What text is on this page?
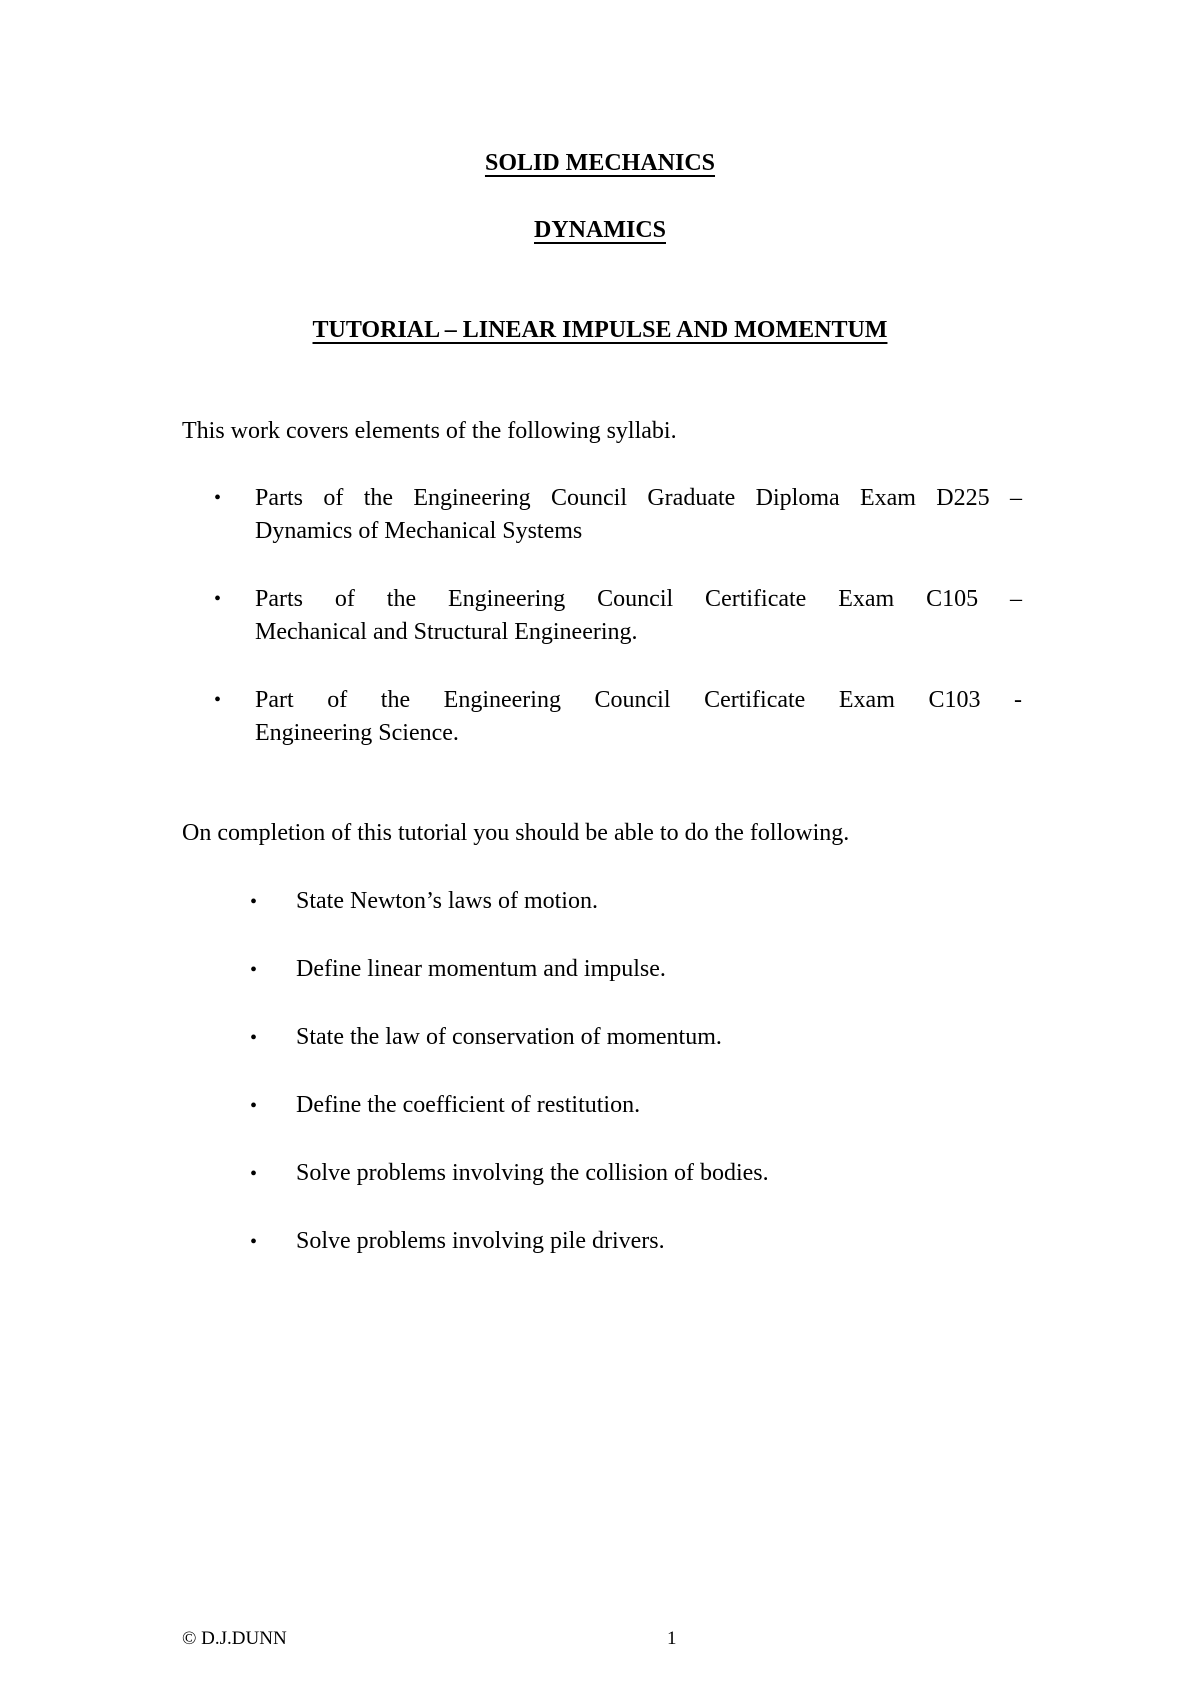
SOLID MECHANICS
DYNAMICS
TUTORIAL – LINEAR IMPULSE AND MOMENTUM
This work covers elements of the following syllabi.
• Parts of the Engineering Council Graduate Diploma Exam D225 –
Dynamics of Mechanical Systems
• Parts of the Engineering Council Certificate Exam C105 –
Mechanical and Structural Engineering.
• Part of the Engineering Council Certificate Exam C103 -
Engineering Science.
On completion of this tutorial you should be able to do the following.
• State Newton’s laws of motion.
• Define linear momentum and impulse.
• State the law of conservation of momentum.
• Define the coefficient of restitution.
• Solve problems involving the collision of bodies.
• Solve problems involving pile drivers.
© D.J.DUNN	1
